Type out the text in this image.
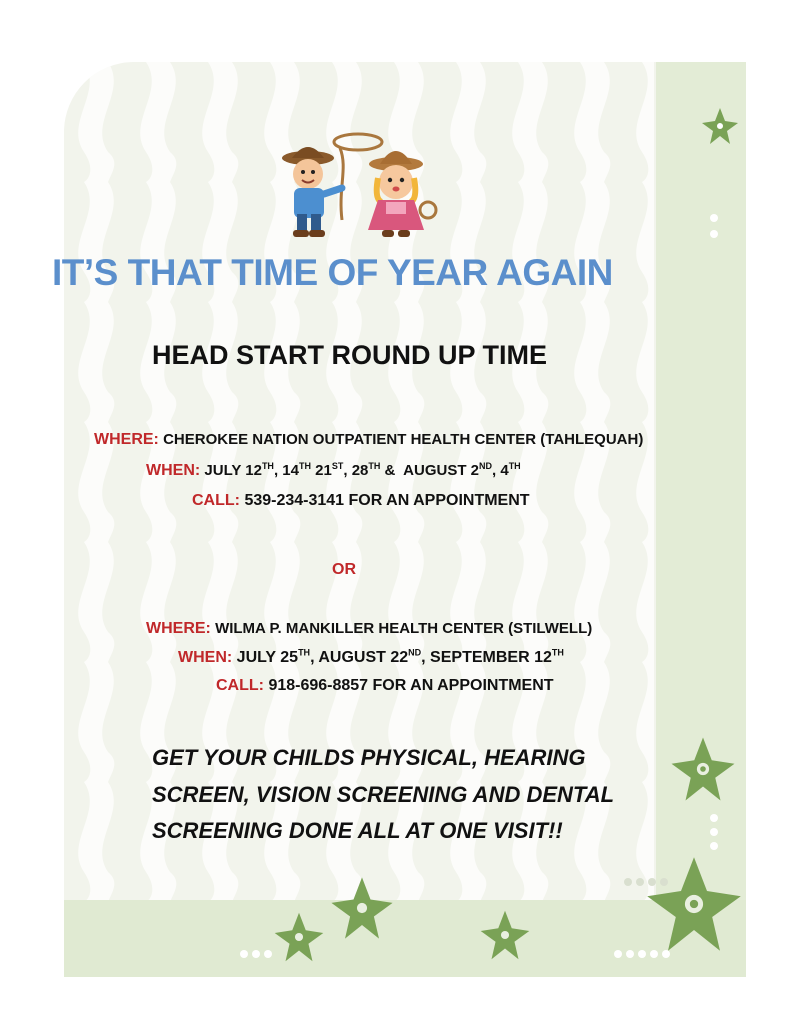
IT’S THAT TIME OF YEAR AGAIN
HEAD START ROUND UP TIME
WHERE: CHEROKEE NATION OUTPATIENT HEALTH CENTER (TAHLEQUAH)
WHEN: JULY 12TH, 14TH 21ST, 28TH &  AUGUST 2ND, 4TH
CALL: 539-234-3141 FOR AN APPOINTMENT
OR
WHERE: WILMA P. MANKILLER HEALTH CENTER (STILWELL)
WHEN: JULY 25TH, AUGUST 22ND, SEPTEMBER 12TH
CALL: 918-696-8857 FOR AN APPOINTMENT
GET YOUR CHILDS PHYSICAL, HEARING
SCREEN, VISION SCREENING AND DENTAL
SCREENING DONE ALL AT ONE VISIT!!
